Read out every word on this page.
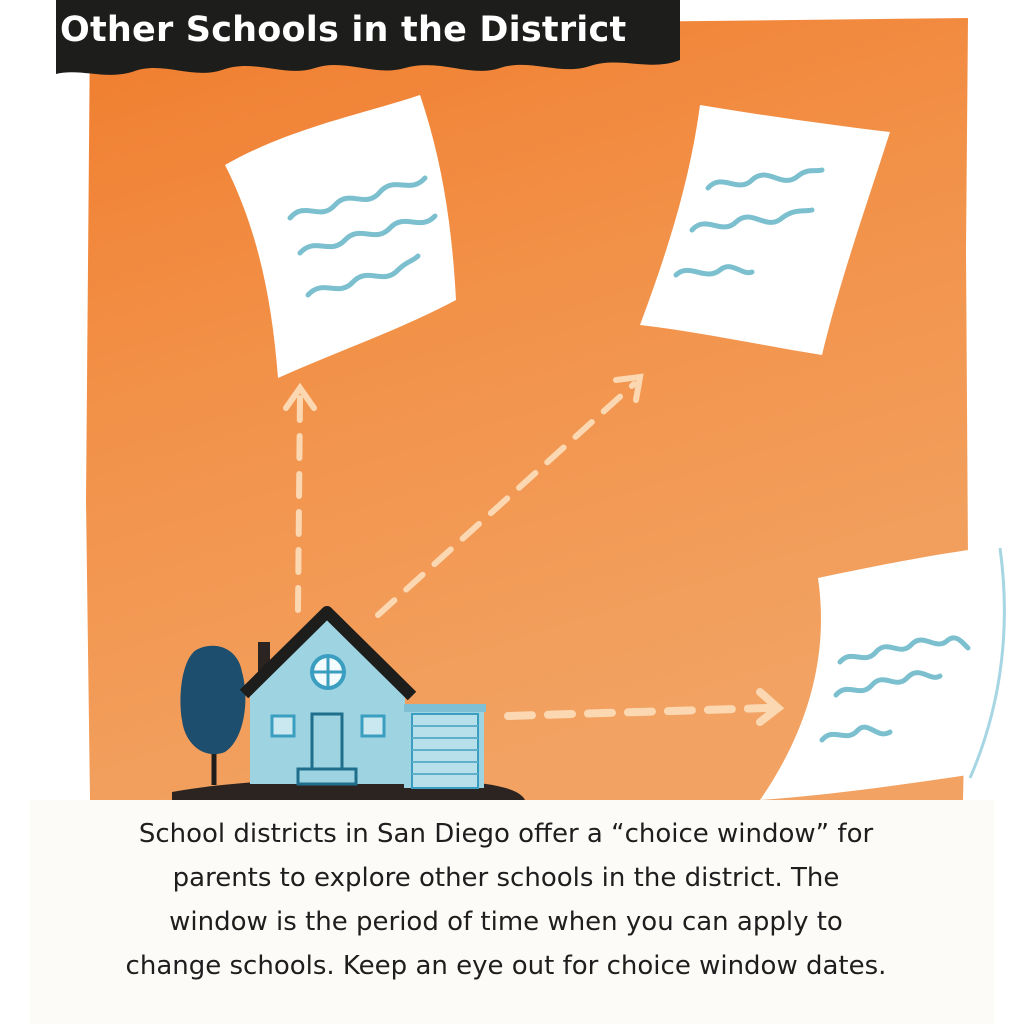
Other Schools in the District
School districts in San Diego offer a “choice window” for
parents to explore other schools in the district. The
window is the period of time when you can apply to
change schools. Keep an eye out for choice window dates.
